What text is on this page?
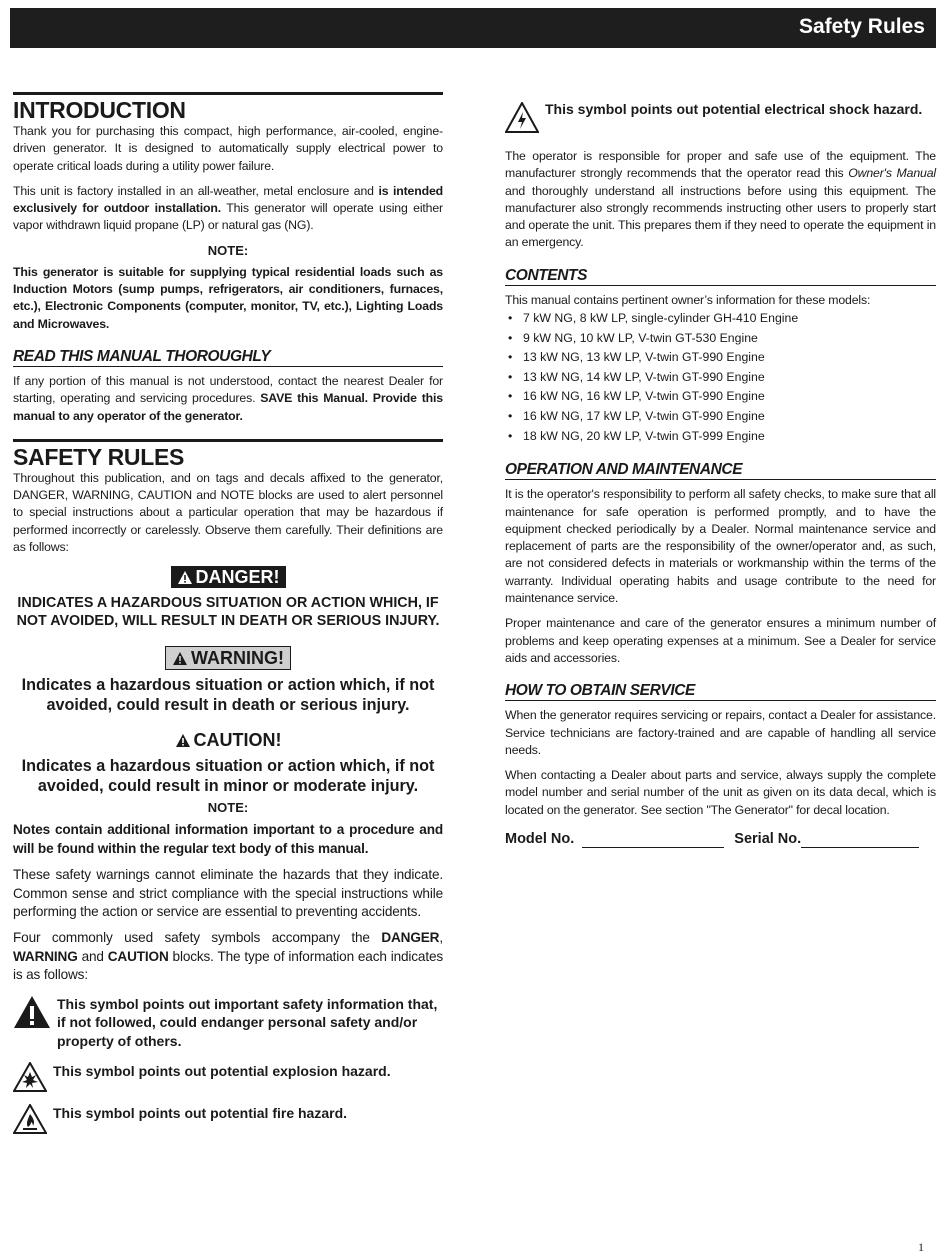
Safety Rules
INTRODUCTION

Thank you for purchasing this compact, high performance, air-cooled, engine-driven generator. It is designed to automatically supply electrical power to operate critical loads during a utility power failure.

This unit is factory installed in an all-weather, metal enclosure and is intended exclusively for outdoor installation. This generator will operate using either vapor withdrawn liquid propane (LP) or natural gas (NG).

NOTE:

This generator is suitable for supplying typical residential loads such as Induction Motors (sump pumps, refrigerators, air conditioners, furnaces, etc.), Electronic Components (computer, monitor, TV, etc.), Lighting Loads and Microwaves.

READ THIS MANUAL THOROUGHLY

If any portion of this manual is not understood, contact the nearest Dealer for starting, operating and servicing procedures. SAVE this Manual. Provide this manual to any operator of the generator.

SAFETY RULES

Throughout this publication, and on tags and decals affixed to the generator, DANGER, WARNING, CAUTION and NOTE blocks are used to alert personnel to special instructions about a particular operation that may be hazardous if performed incorrectly or carelessly. Observe them carefully. Their definitions are as follows:

DANGER!
INDICATES A HAZARDOUS SITUATION OR ACTION WHICH, IF NOT AVOIDED, WILL RESULT IN DEATH OR SERIOUS INJURY.
WARNING!
Indicates a hazardous situation or action which, if not avoided, could result in death or serious injury.
CAUTION!
Indicates a hazardous situation or action which, if not avoided, could result in minor or moderate injury.
NOTE:

Notes contain additional information important to a procedure and will be found within the regular text body of this manual.

These safety warnings cannot eliminate the hazards that they indicate. Common sense and strict compliance with the special instructions while performing the action or service are essential to preventing accidents.

Four commonly used safety symbols accompany the DANGER, WARNING and CAUTION blocks. The type of information each indicates is as follows:

This symbol points out important safety information that, if not followed, could endanger personal safety and/or property of others.
This symbol points out potential explosion hazard.
This symbol points out potential fire hazard.
This symbol points out potential electrical shock hazard.

The operator is responsible for proper and safe use of the equipment. The manufacturer strongly recommends that the operator read this Owner's Manual and thoroughly understand all instructions before using this equipment. The manufacturer also strongly recommends instructing other users to properly start and operate the unit. This prepares them if they need to operate the equipment in an emergency.

CONTENTS

This manual contains pertinent owner’s information for these models:

• 7 kW NG, 8 kW LP, single-cylinder GH-410 Engine
• 9 kW NG, 10 kW LP, V-twin GT-530 Engine
• 13 kW NG, 13 kW LP, V-twin GT-990 Engine
• 13 kW NG, 14 kW LP, V-twin GT-990 Engine
• 16 kW NG, 16 kW LP, V-twin GT-990 Engine
• 16 kW NG, 17 kW LP, V-twin GT-990 Engine
• 18 kW NG, 20 kW LP, V-twin GT-999 Engine
OPERATION AND MAINTENANCE

It is the operator's responsibility to perform all safety checks, to make sure that all maintenance for safe operation is performed promptly, and to have the equipment checked periodically by a Dealer. Normal maintenance service and replacement of parts are the responsibility of the owner/operator and, as such, are not considered defects in materials or workmanship within the terms of the warranty. Individual operating habits and usage contribute to the need for maintenance service.

Proper maintenance and care of the generator ensures a minimum number of problems and keep operating expenses at a minimum. See a Dealer for service aids and accessories.

HOW TO OBTAIN SERVICE

When the generator requires servicing or repairs, contact a Dealer for assistance. Service technicians are factory-trained and are capable of handling all service needs.

When contacting a Dealer about parts and service, always supply the complete model number and serial number of the unit as given on its data decal, which is located on the generator. See section "The Generator" for decal location.

Model No.	Serial No.
1
